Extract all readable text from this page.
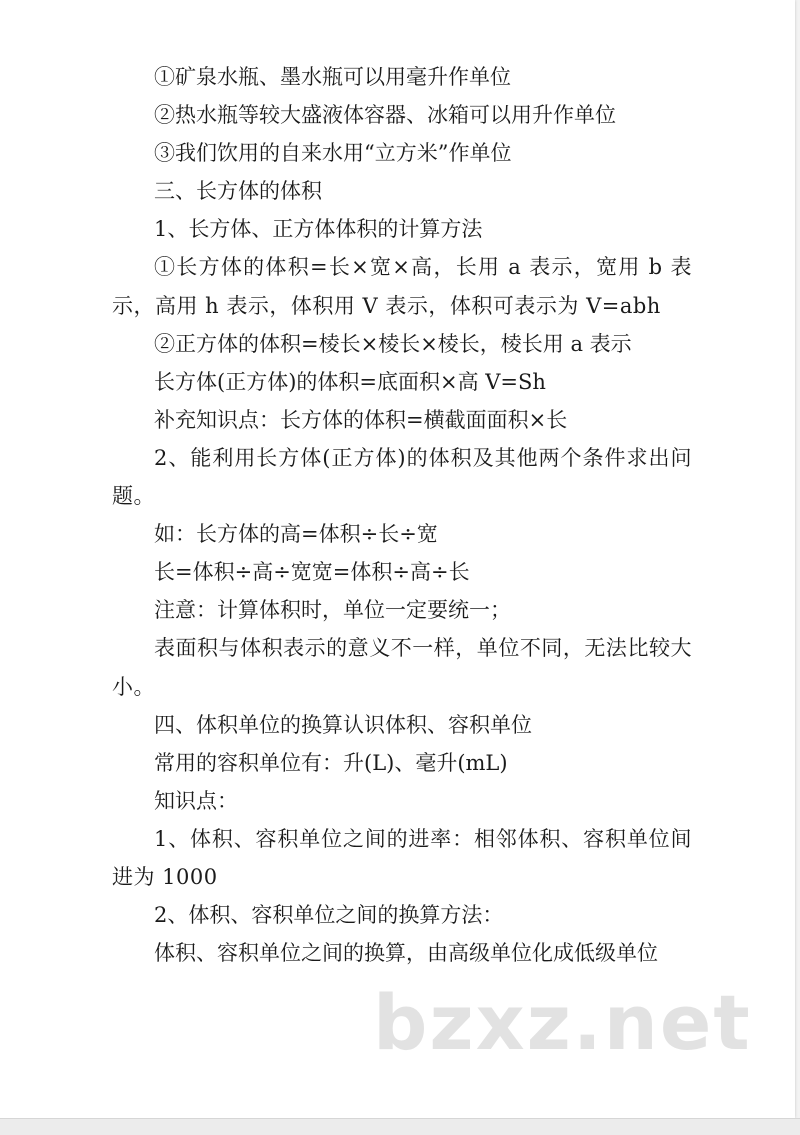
①矿泉水瓶、墨水瓶可以用毫升作单位

②热水瓶等较大盛液体容器、冰箱可以用升作单位

③我们饮用的自来水用“立方米”作单位

三、长方体的体积

1、长方体、正方体体积的计算方法

①长方体的体积=长×宽×高，长用 a 表示，宽用 b 表示，高用 h 表示，体积用 V 表示，体积可表示为 V=abh

②正方体的体积=棱长×棱长×棱长，棱长用 a 表示

长方体(正方体)的体积=底面积×高 V=Sh

补充知识点：长方体的体积=横截面面积×长

2、能利用长方体(正方体)的体积及其他两个条件求出问题。

如：长方体的高=体积÷长÷宽

长=体积÷高÷宽宽=体积÷高÷长

注意：计算体积时，单位一定要统一；

表面积与体积表示的意义不一样，单位不同，无法比较大小。

四、体积单位的换算认识体积、容积单位

常用的容积单位有：升(L)、毫升(mL)

知识点：

1、体积、容积单位之间的进率：相邻体积、容积单位间进为 1000

2、体积、容积单位之间的换算方法：

体积、容积单位之间的换算，由高级单位化成低级单位

bzxz.net
